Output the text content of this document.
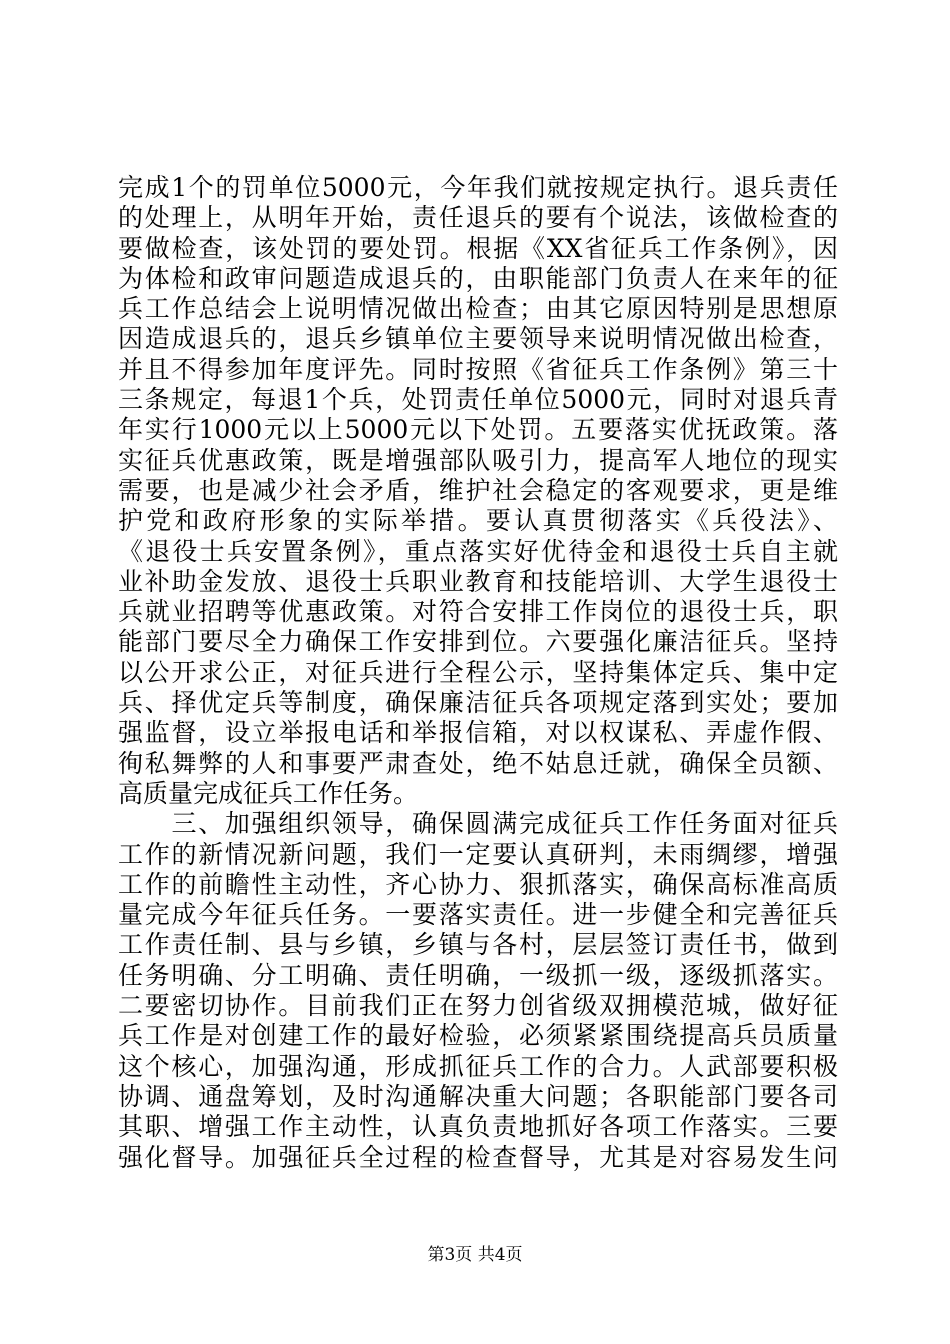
完成1个的罚单位5000元，今年我们就按规定执行。退兵责任
的处理上，从明年开始，责任退兵的要有个说法，该做检查的
要做检查，该处罚的要处罚。根据《XX省征兵工作条例》，因
为体检和政审问题造成退兵的，由职能部门负责人在来年的征
兵工作总结会上说明情况做出检查；由其它原因特别是思想原
因造成退兵的，退兵乡镇单位主要领导来说明情况做出检查，
并且不得参加年度评先。同时按照《省征兵工作条例》第三十
三条规定，每退1个兵，处罚责任单位5000元，同时对退兵青
年实行1000元以上5000元以下处罚。五要落实优抚政策。落
实征兵优惠政策，既是增强部队吸引力，提高军人地位的现实
需要，也是减少社会矛盾，维护社会稳定的客观要求，更是维
护党和政府形象的实际举措。要认真贯彻落实《兵役法》、
《退役士兵安置条例》，重点落实好优待金和退役士兵自主就
业补助金发放、退役士兵职业教育和技能培训、大学生退役士
兵就业招聘等优惠政策。对符合安排工作岗位的退役士兵，职
能部门要尽全力确保工作安排到位。六要强化廉洁征兵。坚持
以公开求公正，对征兵进行全程公示，坚持集体定兵、集中定
兵、择优定兵等制度，确保廉洁征兵各项规定落到实处；要加
强监督，设立举报电话和举报信箱，对以权谋私、弄虚作假、
徇私舞弊的人和事要严肃查处，绝不姑息迁就，确保全员额、
高质量完成征兵工作任务。
　　三、加强组织领导，确保圆满完成征兵工作任务面对征兵
工作的新情况新问题，我们一定要认真研判，未雨绸缪，增强
工作的前瞻性主动性，齐心协力、狠抓落实，确保高标准高质
量完成今年征兵任务。一要落实责任。进一步健全和完善征兵
工作责任制、县与乡镇，乡镇与各村，层层签订责任书，做到
任务明确、分工明确、责任明确，一级抓一级，逐级抓落实。
二要密切协作。目前我们正在努力创省级双拥模范城，做好征
兵工作是对创建工作的最好检验，必须紧紧围绕提高兵员质量
这个核心，加强沟通，形成抓征兵工作的合力。人武部要积极
协调、通盘筹划，及时沟通解决重大问题；各职能部门要各司
其职、增强工作主动性，认真负责地抓好各项工作落实。三要
强化督导。加强征兵全过程的检查督导，尤其是对容易发生问
第3页 共4页
